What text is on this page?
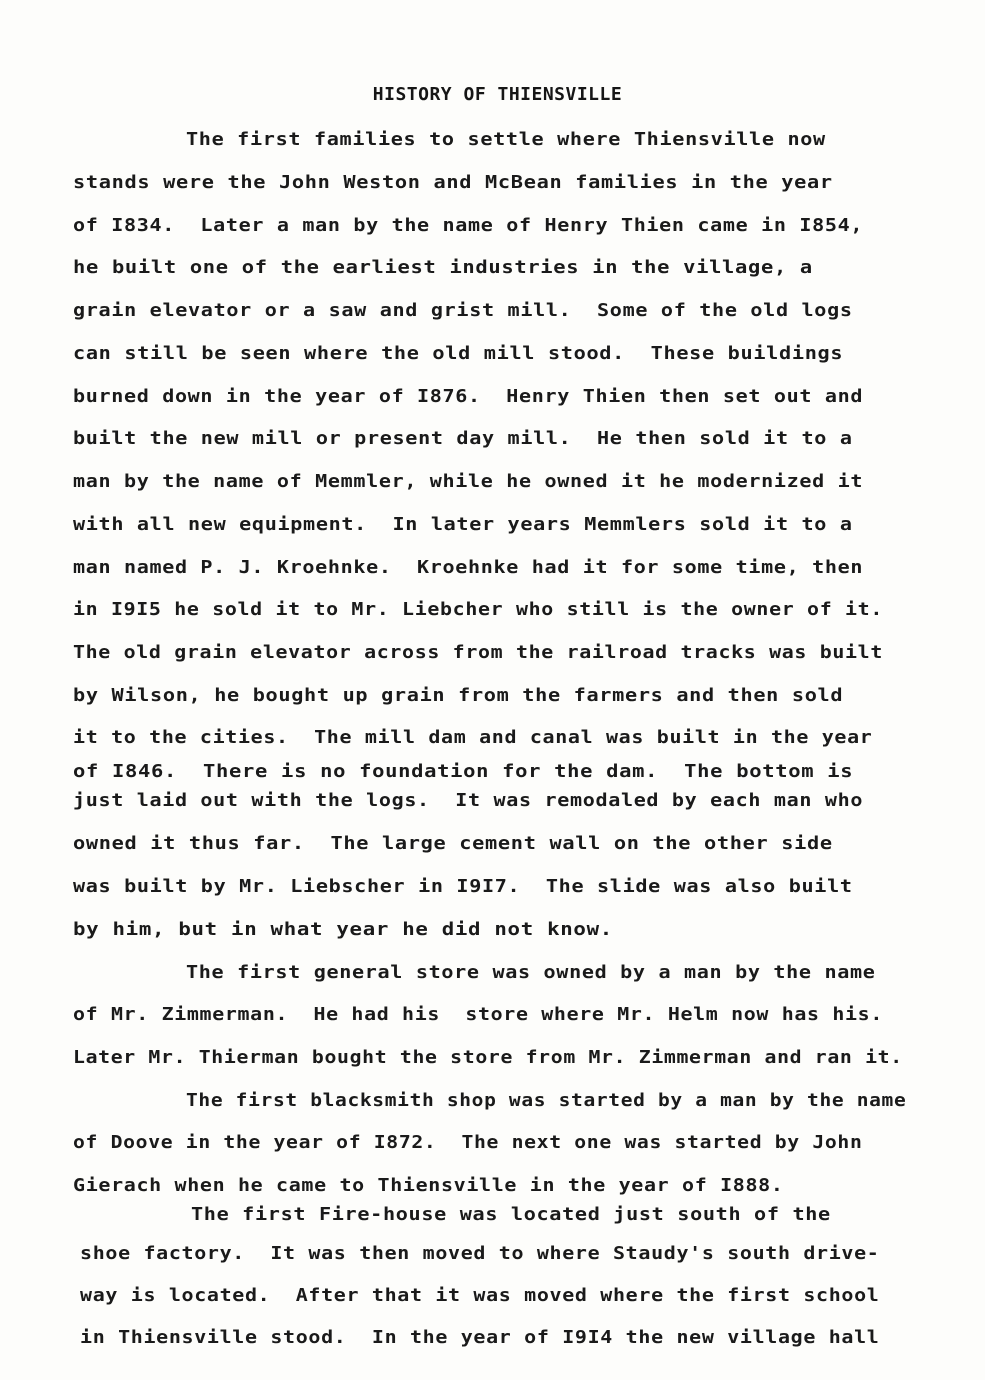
HISTORY OF THIENSVILLE
The first families to settle where Thiensville now
stands were the John Weston and McBean families in the year
of I834.  Later a man by the name of Henry Thien came in I854,
he built one of the earliest industries in the village, a
grain elevator or a saw and grist mill.  Some of the old logs
can still be seen where the old mill stood.  These buildings
burned down in the year of I876.  Henry Thien then set out and
built the new mill or present day mill.  He then sold it to a
man by the name of Memmler, while he owned it he modernized it
with all new equipment.  In later years Memmlers sold it to a
man named P. J. Kroehnke.  Kroehnke had it for some time, then
in I9I5 he sold it to Mr. Liebcher who still is the owner of it.
The old grain elevator across from the railroad tracks was built
by Wilson, he bought up grain from the farmers and then sold
it to the cities.  The mill dam and canal was built in the year
of I846.  There is no foundation for the dam.  The bottom is
just laid out with the logs.  It was remodaled by each man who
owned it thus far.  The large cement wall on the other side
was built by Mr. Liebscher in I9I7.  The slide was also built
by him, but in what year he did not know.
The first general store was owned by a man by the name
of Mr. Zimmerman.  He had his  store where Mr. Helm now has his.
Later Mr. Thierman bought the store from Mr. Zimmerman and ran it.
The first blacksmith shop was started by a man by the name
of Doove in the year of I872.  The next one was started by John
Gierach when he came to Thiensville in the year of I888.
The first Fire-house was located just south of the
shoe factory.  It was then moved to where Staudy's south drive-
way is located.  After that it was moved where the first school
in Thiensville stood.  In the year of I9I4 the new village hall
